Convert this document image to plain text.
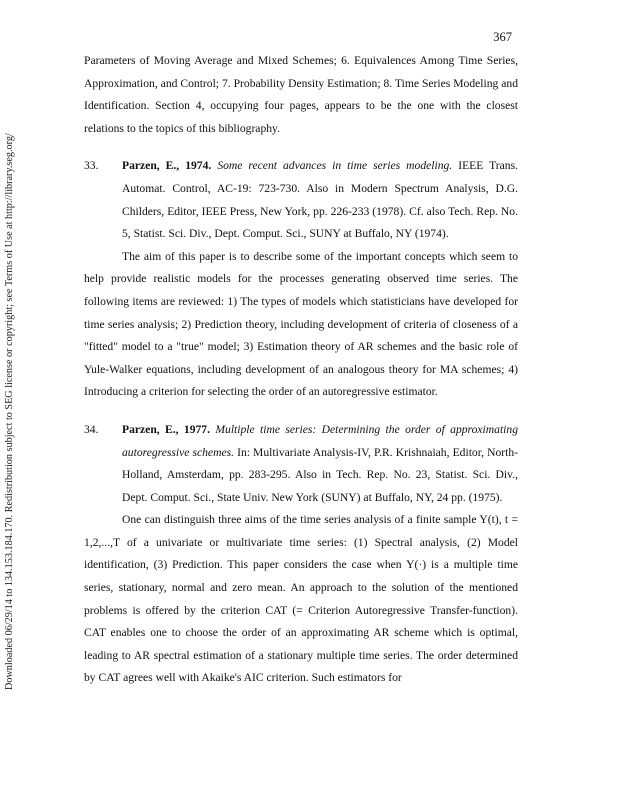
367
Downloaded 06/29/14 to 134.153.184.170. Redistribution subject to SEG license or copyright; see Terms of Use at http://library.seg.org/

Parameters of Moving Average and Mixed Schemes; 6. Equivalences Among Time Series, Approximation, and Control; 7. Probability Density Estimation; 8. Time Series Modeling and Identification. Section 4, occupying four pages, appears to be the one with the closest relations to the topics of this bibliography.

33.	Parzen, E., 1974. Some recent advances in time series modeling. IEEE Trans. Automat. Control, AC-19: 723-730. Also in Modern Spectrum Analysis, D.G. Childers, Editor, IEEE Press, New York, pp. 226-233 (1978). Cf. also Tech. Rep. No. 5, Statist. Sci. Div., Dept. Comput. Sci., SUNY at Buffalo, NY (1974).

The aim of this paper is to describe some of the important concepts which seem to help provide realistic models for the processes generating observed time series. The following items are reviewed: 1) The types of models which statisticians have developed for time series analysis; 2) Prediction theory, including development of criteria of closeness of a "fitted" model to a "true" model; 3) Estimation theory of AR schemes and the basic role of Yule-Walker equations, including development of an analogous theory for MA schemes; 4) Introducing a criterion for selecting the order of an autoregressive estimator.

34.	Parzen, E., 1977. Multiple time series: Determining the order of approximating autoregressive schemes. In: Multivariate Analysis-IV, P.R. Krishnaiah, Editor, North-Holland, Amsterdam, pp. 283-295. Also in Tech. Rep. No. 23, Statist. Sci. Div., Dept. Comput. Sci., State Univ. New York (SUNY) at Buffalo, NY, 24 pp. (1975).

One can distinguish three aims of the time series analysis of a finite sample Y(t), t = 1,2,...,T of a univariate or multivariate time series: (1) Spectral analysis, (2) Model identification, (3) Prediction. This paper considers the case when Y(·) is a multiple time series, stationary, normal and zero mean. An approach to the solution of the mentioned problems is offered by the criterion CAT (= Criterion Autoregressive Transfer-function). CAT enables one to choose the order of an approximating AR scheme which is optimal, leading to AR spectral estimation of a stationary multiple time series. The order determined by CAT agrees well with Akaike's AIC criterion. Such estimators for
